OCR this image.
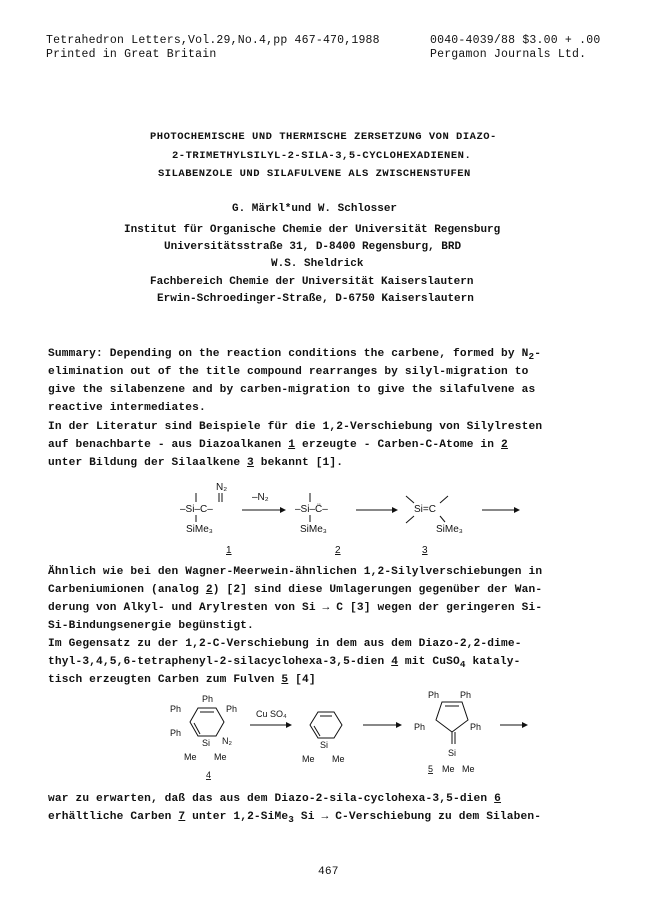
Tetrahedron Letters,Vol.29,No.4,pp 467-470,1988	0040-4039/88 $3.00 + .00
Printed in Great Britain	Pergamon Journals Ltd.
PHOTOCHEMISCHE UND THERMISCHE ZERSETZUNG VON DIAZO-
2-TRIMETHYLSILYL-2-SILA-3,5-CYCLOHEXADIENEN.
SILABENZOLE UND SILAFULVENE ALS ZWISCHENSTUFEN
G. Märkl*und W. Schlosser
Institut für Organische Chemie der Universität Regensburg
Universitätsstraße 31, D-8400 Regensburg, BRD
W.S. Sheldrick
Fachbereich Chemie der Universität Kaiserslautern
Erwin-Schroedinger-Straße, D-6750 Kaiserslautern
Summary: Depending on the reaction conditions the carbene, formed by $N_2-$
elimination out of the title compound rearranges by silyl-migration to
give the silabenzene and by carben-migration to give the silafulvene as
reactive intermediates.
In der Literatur sind Beispiele für die 1,2-Verschiebung von Silylresten
auf benachbarte - aus Diazoalkanen 1 erzeugte - Carben-C-Atome in 2
unter Bildung der Silaalkene 3 bekannt [1].
N₂
–Si–C–
SiMe₃
1
–N₂
–Si–C̈–
SiMe₃
2
Si=C
SiMe₃
3
Ähnlich wie bei den Wagner-Meerwein-ähnlichen 1,2-Silylverschiebungen in
Carbeniumionen (analog 2) [2] sind diese Umlagerungen gegenüber der Wan-
derung von Alkyl- und Arylresten von Si → C [3] wegen der geringeren Si-
Si-Bindungsenergie begünstigt.
Im Gegensatz zu der 1,2-C-Verschiebung in dem aus dem Diazo-2,2-dime-
thyl-3,4,5,6-tetraphenyl-2-silacyclohexa-3,5-dien 4 mit CuSO$_4$ kataly-
tisch erzeugten Carben zum Fulven 5 [4]
Ph
Ph	Ph
Ph
Si N₂
Me Me
4
Cu SO₄
Si
Me Me
Ph Ph
Ph	Ph
Si
5 Me Me
war zu erwarten, daß das aus dem Diazo-2-sila-cyclohexa-3,5-dien 6
erhältliche Carben 7 unter 1,2-SiMe$_3$ Si → C-Verschiebung zu dem Silaben-
467
